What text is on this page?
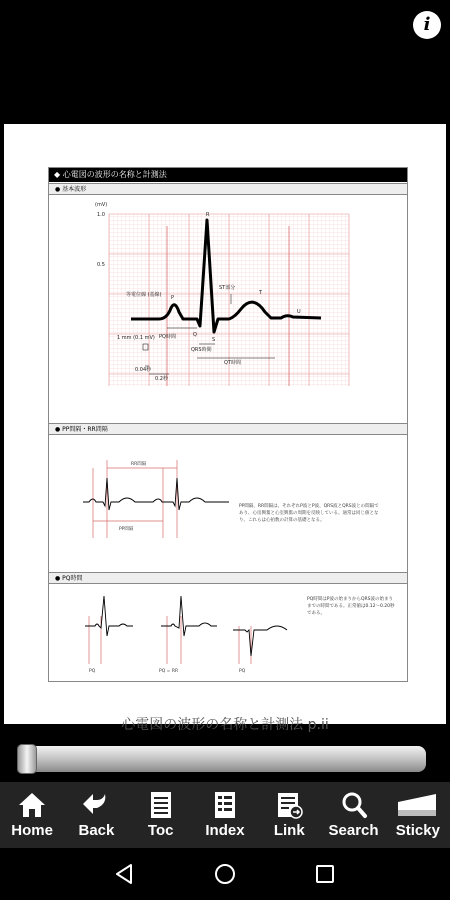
i
◆ 心電図の波形の名称と計測法
● 基本波形
(mV)
1.0
0.5
R
P
Q
S
T
U
等電位線 (基線)
ST部分
PQ時間
QRS時間
QT時間
1 mm (0.1 mV)
0.04秒
0.2秒
● PP間隔・RR間隔
RR間隔
PP間隔
PP間隔、RR間隔は、それぞれP波とP波、QRS波とQRS波との間隔であり、心房興奮と心室興奮の周期を反映している。通常は同じ値となり、これらは心拍数の計算の基礎となる。
● PQ時間
PQ	PQ = RR	PQ
PQ時間はP波の始まりからQRS波の始まりまでの時間である。正常値は0.12〜0.20秒である。
心電図の波形の名称と計測法 p.ii
Home Back Toc Index Link Search Sticky
